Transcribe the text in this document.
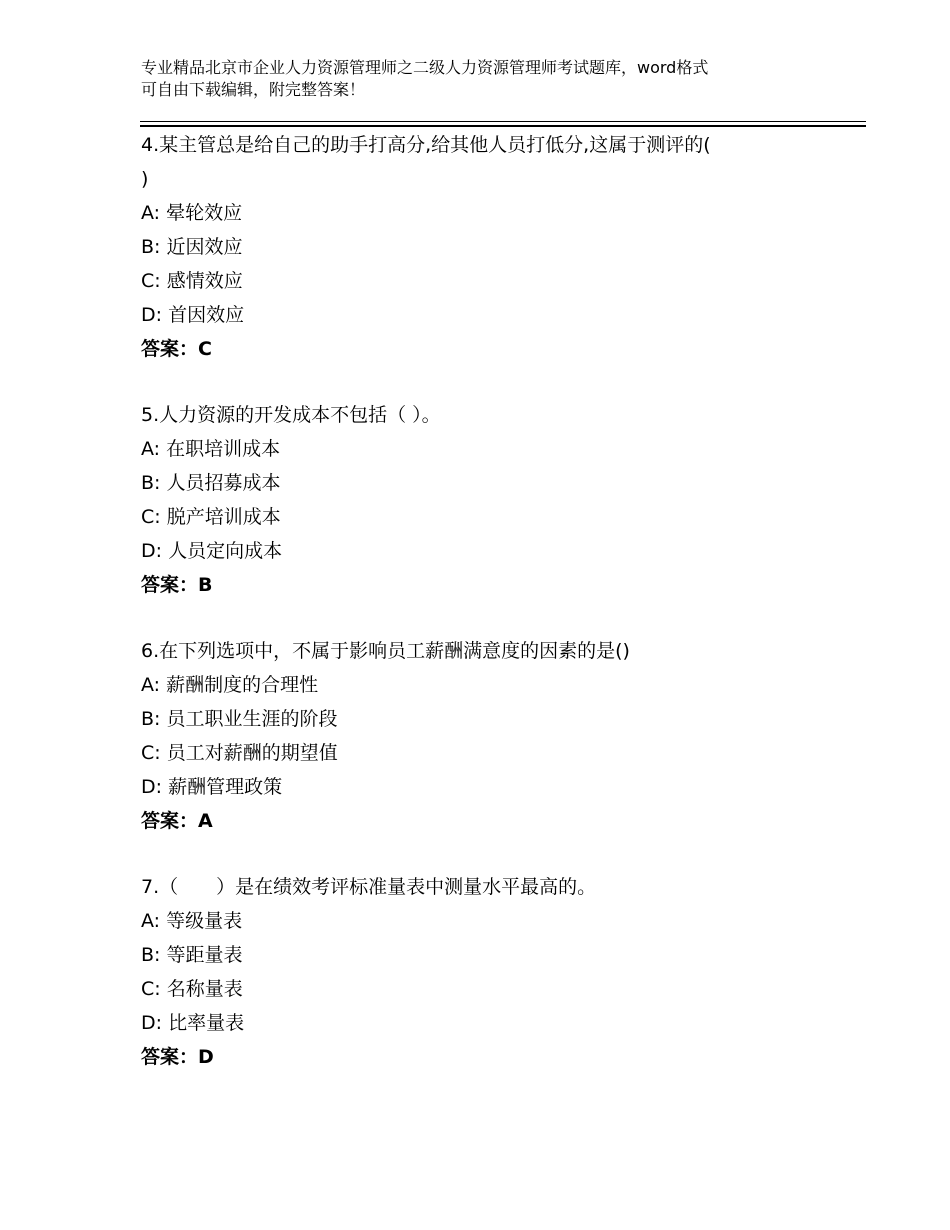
专业精品北京市企业人力资源管理师之二级人力资源管理师考试题库，word格式
可自由下载编辑，附完整答案！
4.某主管总是给自己的助手打高分,给其他人员打低分,这属于测评的(
)
A: 晕轮效应
B: 近因效应
C: 感情效应
D: 首因效应
答案：C
5.人力资源的开发成本不包括（ ）。
A: 在职培训成本
B: 人员招募成本
C: 脱产培训成本
D: 人员定向成本
答案：B
6.在下列选项中，不属于影响员工薪酬满意度的因素的是()
A: 薪酬制度的合理性
B: 员工职业生涯的阶段
C: 员工对薪酬的期望值
D: 薪酬管理政策
答案：A
7.（　　）是在绩效考评标准量表中测量水平最高的。
A: 等级量表
B: 等距量表
C: 名称量表
D: 比率量表
答案：D
